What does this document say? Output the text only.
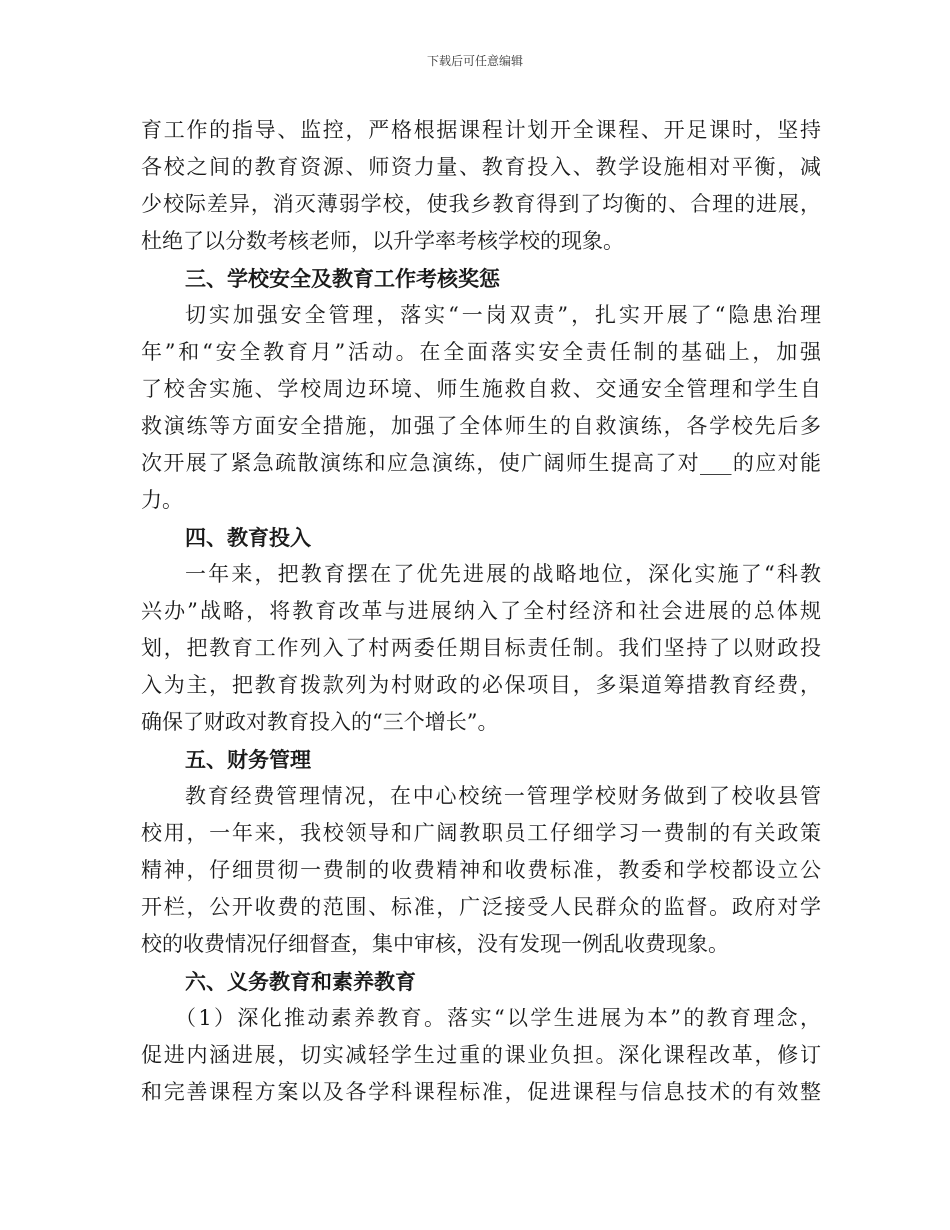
下载后可任意编辑
育工作的指导、监控，严格根据课程计划开全课程、开足课时，坚持
各校之间的教育资源、师资力量、教育投入、教学设施相对平衡，减
少校际差异，消灭薄弱学校，使我乡教育得到了均衡的、合理的进展，
杜绝了以分数考核老师，以升学率考核学校的现象。
三、学校安全及教育工作考核奖惩
切实加强安全管理，落实“一岗双责”，扎实开展了“隐患治理
年”和“安全教育月”活动。在全面落实安全责任制的基础上，加强
了校舍实施、学校周边环境、师生施救自救、交通安全管理和学生自
救演练等方面安全措施，加强了全体师生的自救演练，各学校先后多
次开展了紧急疏散演练和应急演练，使广阔师生提高了对___的应对能
力。
四、教育投入
一年来，把教育摆在了优先进展的战略地位，深化实施了“科教
兴办”战略，将教育改革与进展纳入了全村经济和社会进展的总体规
划，把教育工作列入了村两委任期目标责任制。我们坚持了以财政投
入为主，把教育拨款列为村财政的必保项目，多渠道筹措教育经费，
确保了财政对教育投入的“三个增长”。
五、财务管理
教育经费管理情况，在中心校统一管理学校财务做到了校收县管
校用，一年来，我校领导和广阔教职员工仔细学习一费制的有关政策
精神，仔细贯彻一费制的收费精神和收费标准，教委和学校都设立公
开栏，公开收费的范围、标准，广泛接受人民群众的监督。政府对学
校的收费情况仔细督查，集中审核，没有发现一例乱收费现象。
六、义务教育和素养教育
（1）深化推动素养教育。落实“以学生进展为本”的教育理念，
促进内涵进展，切实减轻学生过重的课业负担。深化课程改革，修订
和完善课程方案以及各学科课程标准，促进课程与信息技术的有效整
